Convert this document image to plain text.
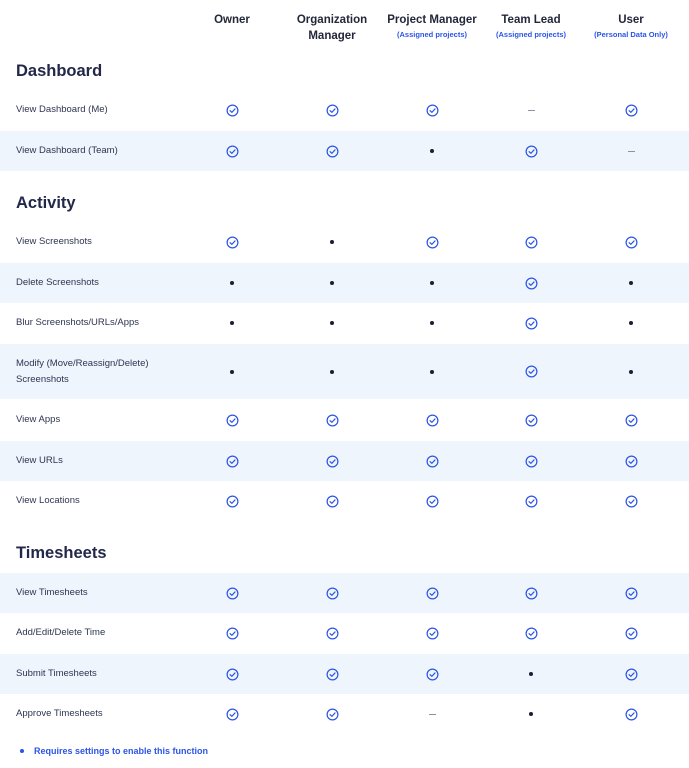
Owner	Organization Manager
Project Manager
(Assigned projects)
Team Lead
(Assigned projects)
User
(Personal Data Only)
Dashboard
View Dashboard (Me)
View Dashboard (Team)
Activity
View Screenshots
Delete Screenshots
Blur Screenshots/URLs/Apps
Modify (Move/Reassign/Delete) Screenshots
View Apps
View URLs
View Locations
Timesheets
View Timesheets
Add/Edit/Delete Time
Submit Timesheets
Approve Timesheets
Requires settings to enable this function
